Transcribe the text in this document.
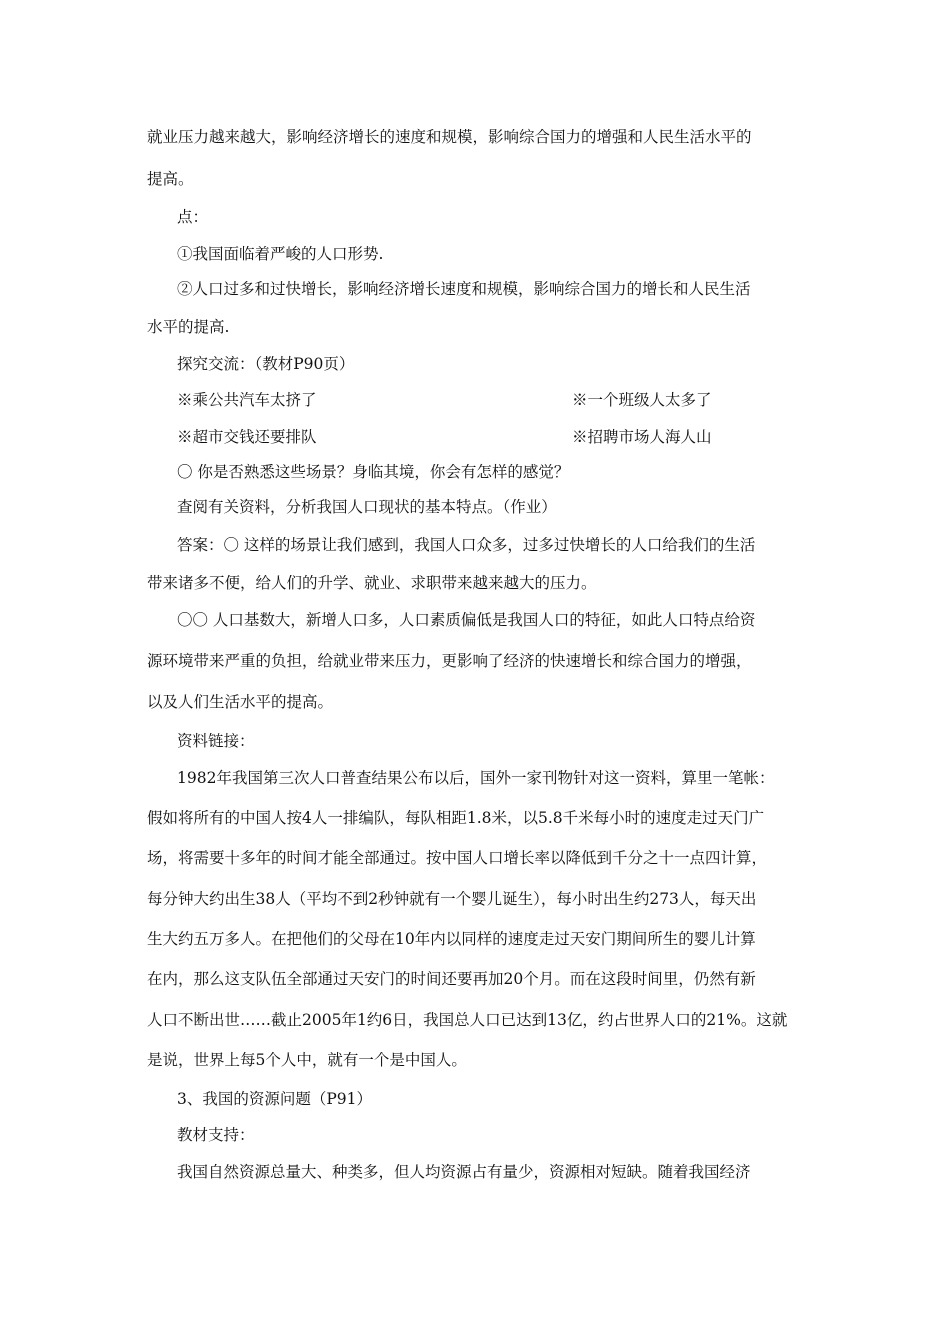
就业压力越来越大，影响经济增长的速度和规模，影响综合国力的增强和人民生活水平的
提高。
点：
①我国面临着严峻的人口形势.
②人口过多和过快增长，影响经济增长速度和规模，影响综合国力的增长和人民生活
水平的提高.
探究交流：（教材P90页）
※乘公共汽车太挤了	※一个班级人太多了
※超市交钱还要排队	※招聘市场人海人山
〇 你是否熟悉这些场景？身临其境，你会有怎样的感觉？
查阅有关资料，分析我国人口现状的基本特点。（作业）
答案：〇 这样的场景让我们感到，我国人口众多，过多过快增长的人口给我们的生活
带来诸多不便，给人们的升学、就业、求职带来越来越大的压力。
〇〇 人口基数大，新增人口多，人口素质偏低是我国人口的特征，如此人口特点给资
源环境带来严重的负担，给就业带来压力，更影响了经济的快速增长和综合国力的增强，
以及人们生活水平的提高。
资料链接：
1982年我国第三次人口普查结果公布以后，国外一家刊物针对这一资料，算里一笔帐：
假如将所有的中国人按4人一排编队，每队相距1.8米，以5.8千米每小时的速度走过天门广
场，将需要十多年的时间才能全部通过。按中国人口增长率以降低到千分之十一点四计算，
每分钟大约出生38人（平均不到2秒钟就有一个婴儿诞生），每小时出生约273人，每天出
生大约五万多人。在把他们的父母在10年内以同样的速度走过天安门期间所生的婴儿计算
在内，那么这支队伍全部通过天安门的时间还要再加20个月。而在这段时间里，仍然有新
人口不断出世……截止2005年1约6日，我国总人口已达到13亿，约占世界人口的21%。这就
是说，世界上每5个人中，就有一个是中国人。
3、我国的资源问题（P91）
教材支持：
我国自然资源总量大、种类多，但人均资源占有量少，资源相对短缺。随着我国经济
